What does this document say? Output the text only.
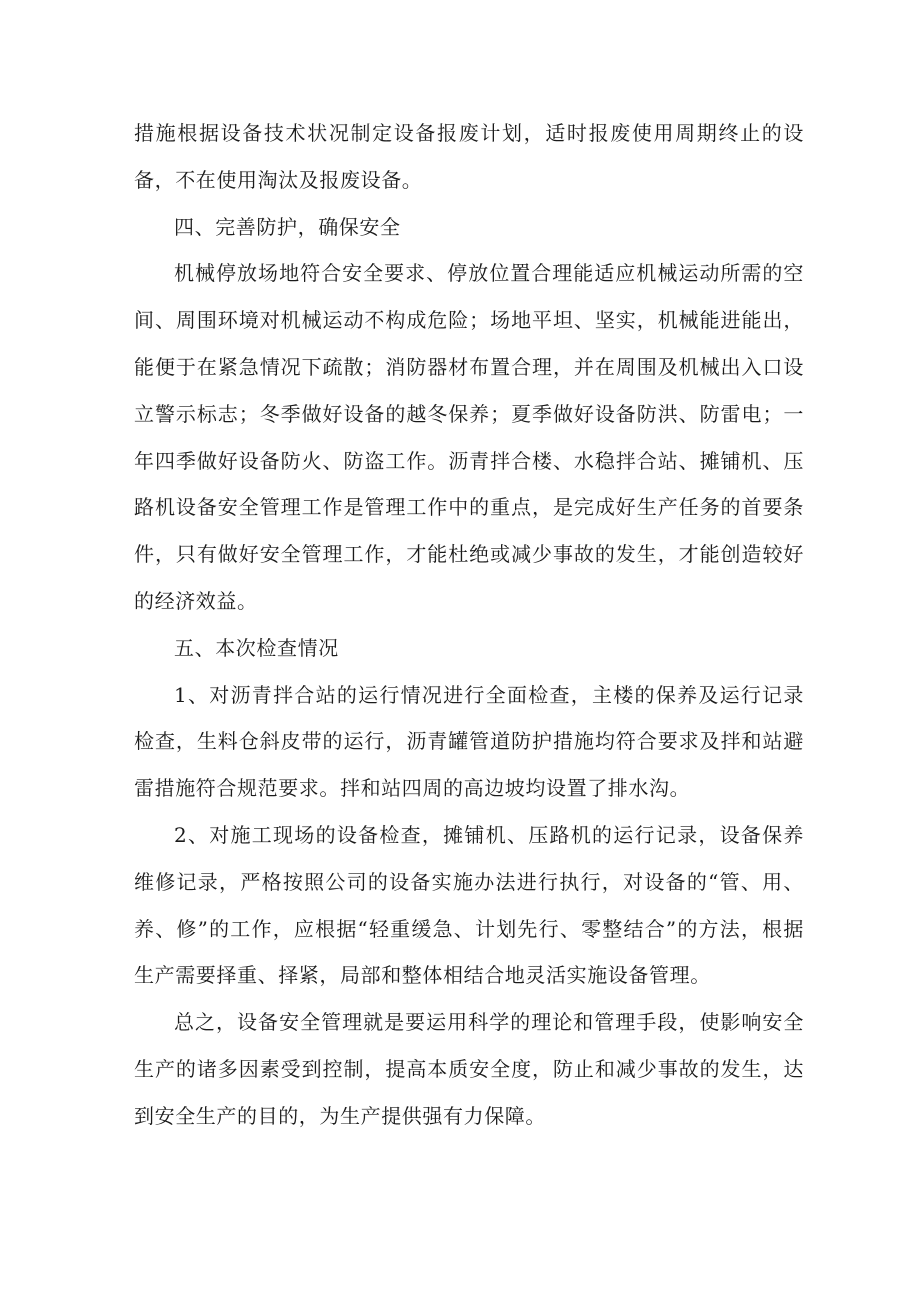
措施根据设备技术状况制定设备报废计划，适时报废使用周期终止的设备，不在使用淘汰及报废设备。

四、完善防护，确保安全

机械停放场地符合安全要求、停放位置合理能适应机械运动所需的空间、周围环境对机械运动不构成危险；场地平坦、坚实，机械能进能出，能便于在紧急情况下疏散；消防器材布置合理，并在周围及机械出入口设立警示标志；冬季做好设备的越冬保养；夏季做好设备防洪、防雷电；一年四季做好设备防火、防盗工作。沥青拌合楼、水稳拌合站、摊铺机、压路机设备安全管理工作是管理工作中的重点，是完成好生产任务的首要条件，只有做好安全管理工作，才能杜绝或减少事故的发生，才能创造较好的经济效益。

五、本次检查情况

1、对沥青拌合站的运行情况进行全面检查，主楼的保养及运行记录检查，生料仓斜皮带的运行，沥青罐管道防护措施均符合要求及拌和站避雷措施符合规范要求。拌和站四周的高边坡均设置了排水沟。

2、对施工现场的设备检查，摊铺机、压路机的运行记录，设备保养维修记录，严格按照公司的设备实施办法进行执行，对设备的“管、用、养、修”的工作，应根据“轻重缓急、计划先行、零整结合”的方法，根据生产需要择重、择紧，局部和整体相结合地灵活实施设备管理。

总之，设备安全管理就是要运用科学的理论和管理手段，使影响安全生产的诸多因素受到控制，提高本质安全度，防止和减少事故的发生，达到安全生产的目的，为生产提供强有力保障。
